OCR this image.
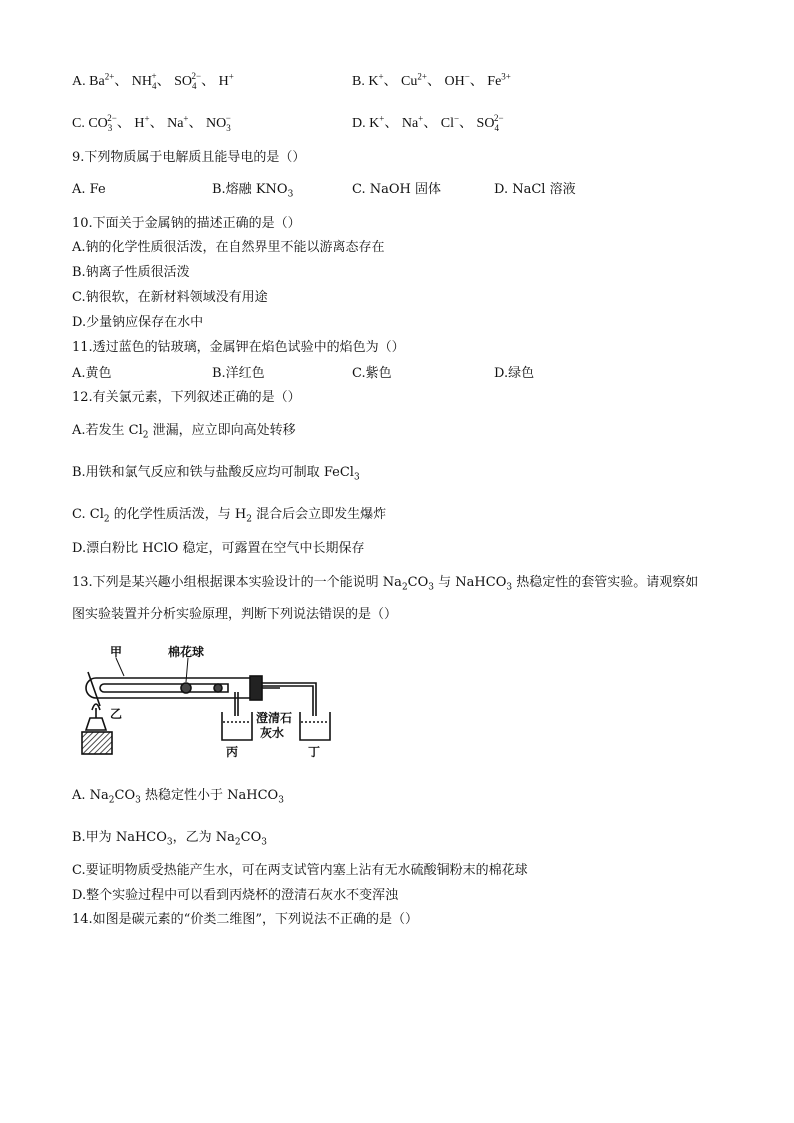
A. $Ba^{2+}$、 $NH_4^+$、 $SO_4^{2-}$、 H+	B. K+、 $Cu^{2+}$、 OH−、 $Fe^{3+}$
C. $CO_3^{2-}$、 H+、 Na+、 $NO_3^-$	D. K+、 Na+、 Cl−、 $SO_4^{2-}$
9.下列物质属于电解质且能导电的是（）
A. Fe	B.熔融 $KNO_3$	C. NaOH 固体	D. NaCl 溶液
10.下面关于金属钠的描述正确的是（）
A.钠的化学性质很活泼，在自然界里不能以游离态存在
B.钠离子性质很活泼
C.钠很软，在新材料领域没有用途
D.少量钠应保存在水中
11.透过蓝色的钴玻璃，金属钾在焰色试验中的焰色为（）
A.黄色	B.洋红色	C.紫色	D.绿色
12.有关氯元素，下列叙述正确的是（）
A.若发生 $Cl_2$ 泄漏，应立即向高处转移
B.用铁和氯气反应和铁与盐酸反应均可制取 FeCl$_3$
C. $Cl_2$ 的化学性质活泼，与 $H_2$ 混合后会立即发生爆炸
D.漂白粉比 HClO 稳定，可露置在空气中长期保存
13.下列是某兴趣小组根据课本实验设计的一个能说明 $Na_2CO_3$ 与 NaHCO$_3$ 热稳定性的套管实验。请观察如
图实验装置并分析实验原理，判断下列说法错误的是（）
甲	棉花球
乙	澄清石
灰水
丙	丁
A. $Na_2CO_3$ 热稳定性小于 NaHCO$_3$
B.甲为 NaHCO$_3$，乙为 $Na_2CO_3$
C.要证明物质受热能产生水，可在两支试管内塞上沾有无水硫酸铜粉末的棉花球
D.整个实验过程中可以看到丙烧杯的澄清石灰水不变浑浊
14.如图是碳元素的“价类二维图”，下列说法不正确的是（）
